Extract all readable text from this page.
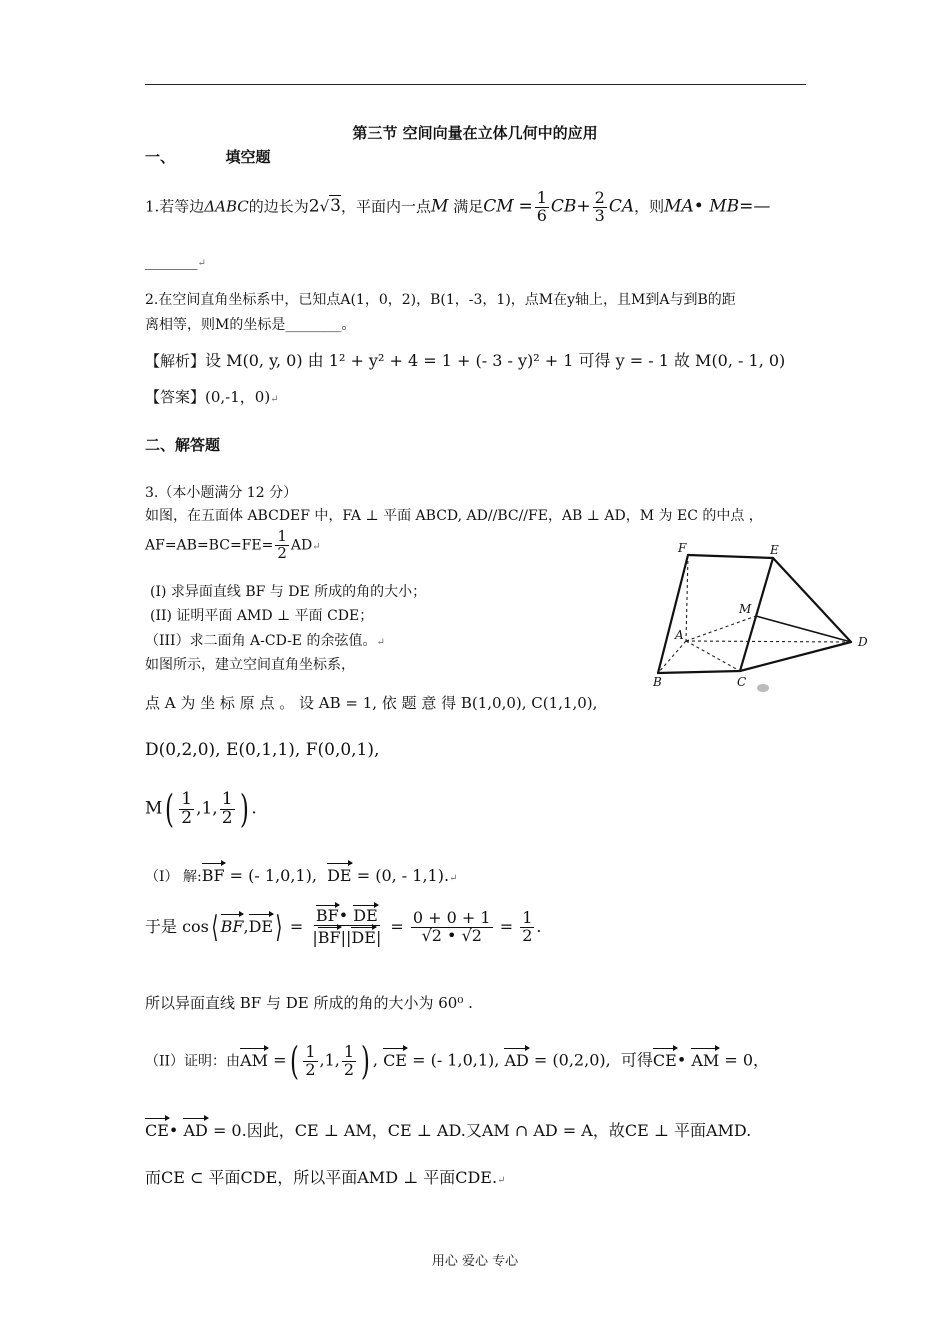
第三节 空间向量在立体几何中的应用
一、	填空题
1.若等边ΔABC的边长为2√3，平面内一点M 满足CM = $\frac{1}{6} CB+ \frac{2}{3}$ CA，则MA• MB=—
_______↵
2.在空间直角坐标系中，已知点A(1，0，2)，B(1，-3，1)，点M在y轴上，且M到A与到B的距
离相等，则M的坐标是________。
【解析】设 M(0, y, 0) 由 1² + y² + 4 = 1 + (- 3 - y)² + 1 可得 y = - 1 故 M(0, - 1, 0)
【答案】(0,-1，0)↵
二、解答题
3.（本小题满分 12 分）
如图，在五面体 ABCDEF 中，FA ⊥ 平面 ABCD, AD//BC//FE，AB ⊥ AD，M 为 EC 的中点 ，
$AF=AB=BC=FE= \frac{1}{2}$ AD↵
(I) 求异面直线 BF 与 DE 所成的角的大小；
(II) 证明平面 AMD ⊥ 平面 CDE；
（III）求二面角 A-CD-E 的余弦值。↵
如图所示，建立空间直角坐标系，
点 A 为 坐 标 原 点 。 设 AB = 1, 依 题 意 得 B(1,0,0), C(1,1,0),
D(0,2,0), E(0,1,1), F(0,0,1),
$M( \frac{1}{2} ,1$, $\frac{1}{2}$ ) .
（I） 解:BF = (- 1,0,1), DE = (0, - 1,1).↵
于是 cos⟨ BF,DE⟩ = $\frac{BF• DE}{|BF||DE|} = \frac{0 + 0 + 1}{√2 • √2} = \frac{1}{2}$ .
所以异面直线 BF 与 DE 所成的角的大小为 60⁰ .
（II）证明：由AM =( $\frac{1}{2} ,1$, $\frac{1}{2}$ ) , CE = (- 1,0,1), AD = (0,2,0), 可得CE• AM = 0，
CE• AD = 0.因此，CE ⊥ AM，CE ⊥ AD.又AM ∩ AD = A，故CE ⊥ 平面AMD.
而CE ⊂ 平面CDE，所以平面AMD ⊥ 平面CDE.↵
F	E
M
A	D
B	C
用心 爱心 专心
